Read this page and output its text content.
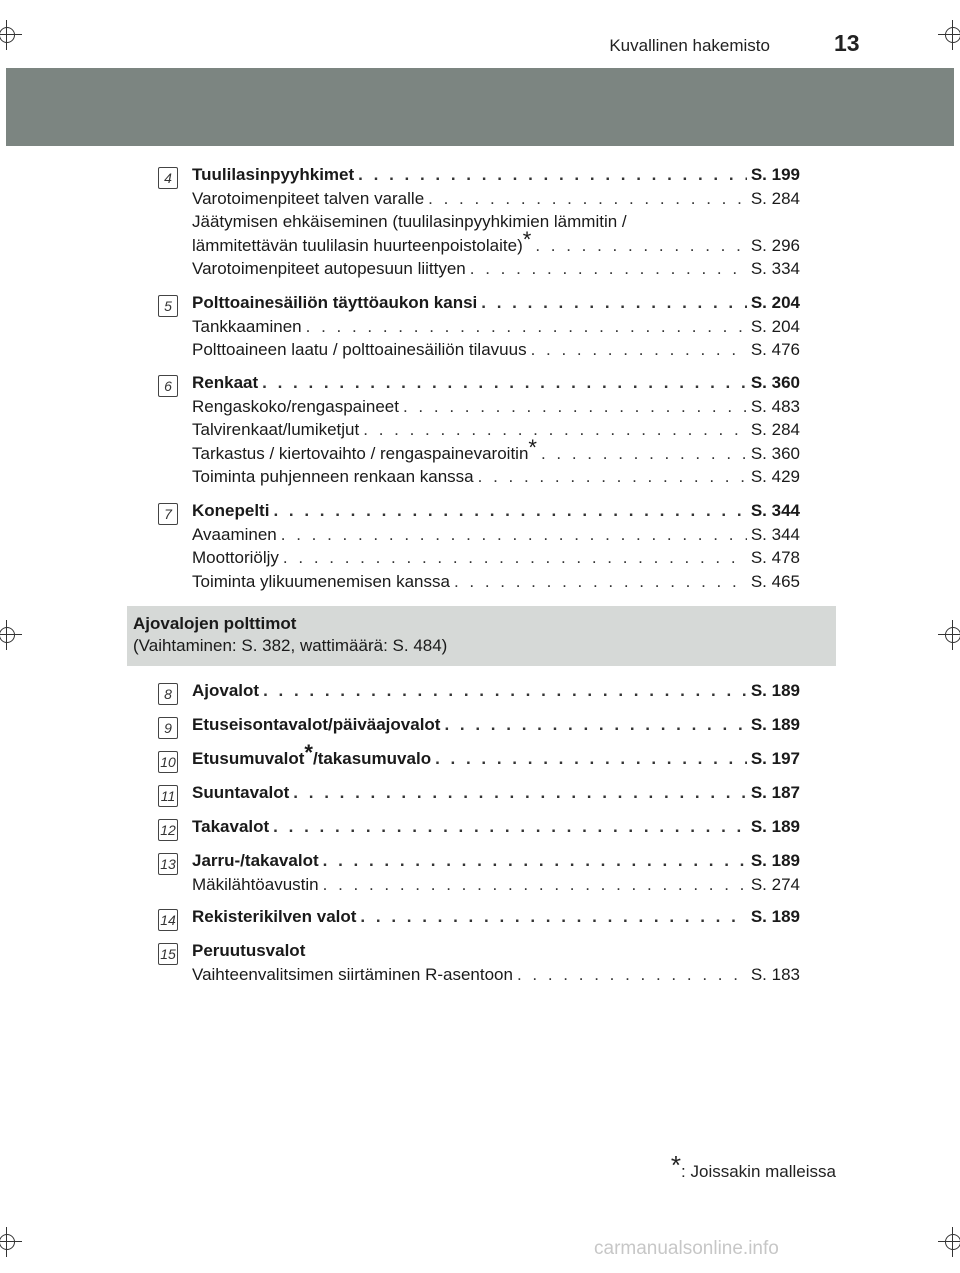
Kuvallinen hakemisto	13
4	Tuulilasinpyyhkimet . . .	S. 199
Varotoimenpiteet talven varalle . . .	S. 284
Jäätymisen ehkäiseminen (tuulilasinpyyhkimien lämmitin /
lämmitettävän tuulilasin huurteenpoistolaite)* . . .	S. 296
Varotoimenpiteet autopesuun liittyen . . .	S. 334
5	Polttoainesäiliön täyttöaukon kansi . . .	S. 204
Tankkaaminen . . .	S. 204
Polttoaineen laatu / polttoainesäiliön tilavuus . . .	S. 476
6	Renkaat . . .	S. 360
Rengaskoko/rengaspaineet . . .	S. 483
Talvirenkaat/lumiketjut . . .	S. 284
Tarkastus / kiertovaihto / rengaspainevaroitin* . . .	S. 360
Toiminta puhjenneen renkaan kanssa . . .	S. 429
7	Konepelti . . .	S. 344
Avaaminen . . .	S. 344
Moottoriöljy . . .	S. 478
Toiminta ylikuumenemisen kanssa . . .	S. 465
8	Ajovalot . . .	S. 189
9	Etuseisontavalot/päiväajovalot . . .	S. 189
10 Etusumuvalot*/takasumuvalo . . .	S. 197
11 Suuntavalot . . .	S. 187
12 Takavalot . . .	S. 189
13 Jarru-/takavalot . . .	S. 189
Mäkilähtöavustin . . .	S. 274
14 Rekisterikilven valot . . .	S. 189
15 Peruutusvalot
Vaihteenvalitsimen siirtäminen R-asentoon . . .	S. 183
Ajovalojen polttimot
(Vaihtaminen: S. 382, wattimäärä: S. 484)
*: Joissakin malleissa
carmanualsonline.info
